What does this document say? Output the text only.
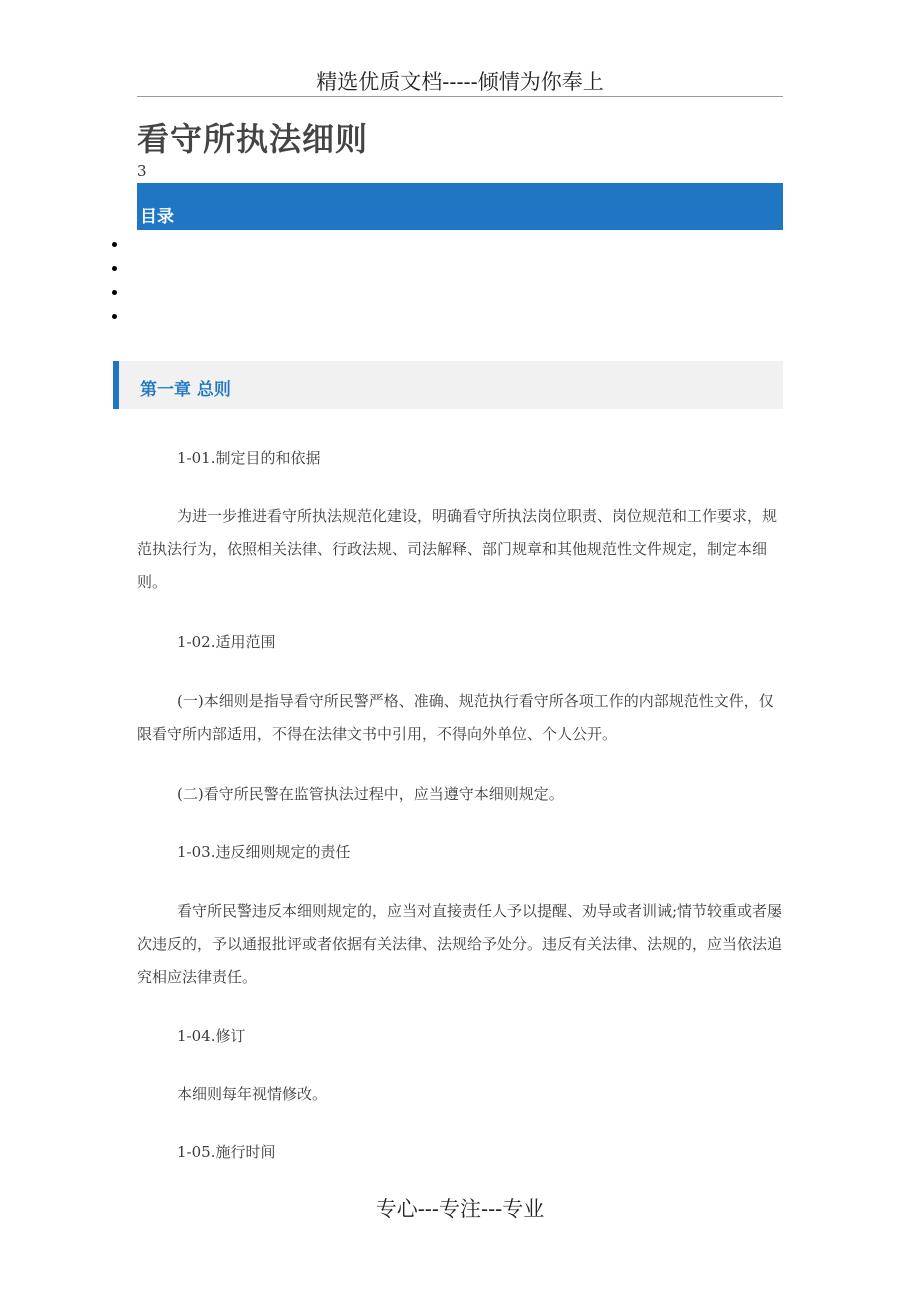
精选优质文档-----倾情为你奉上
看守所执法细则
3
目录
第一章 总则

1-01.制定目的和依据

为进一步推进看守所执法规范化建设，明确看守所执法岗位职责、岗位规范和工作要求，规范执法行为，依照相关法律、行政法规、司法解释、部门规章和其他规范性文件规定，制定本细则。

1-02.适用范围

(一)本细则是指导看守所民警严格、准确、规范执行看守所各项工作的内部规范性文件，仅限看守所内部适用，不得在法律文书中引用，不得向外单位、个人公开。

(二)看守所民警在监管执法过程中，应当遵守本细则规定。

1-03.违反细则规定的责任

看守所民警违反本细则规定的，应当对直接责任人予以提醒、劝导或者训诫;情节较重或者屡次违反的，予以通报批评或者依据有关法律、法规给予处分。违反有关法律、法规的，应当依法追究相应法律责任。

1-04.修订

本细则每年视情修改。

1-05.施行时间

专心---专注---专业
